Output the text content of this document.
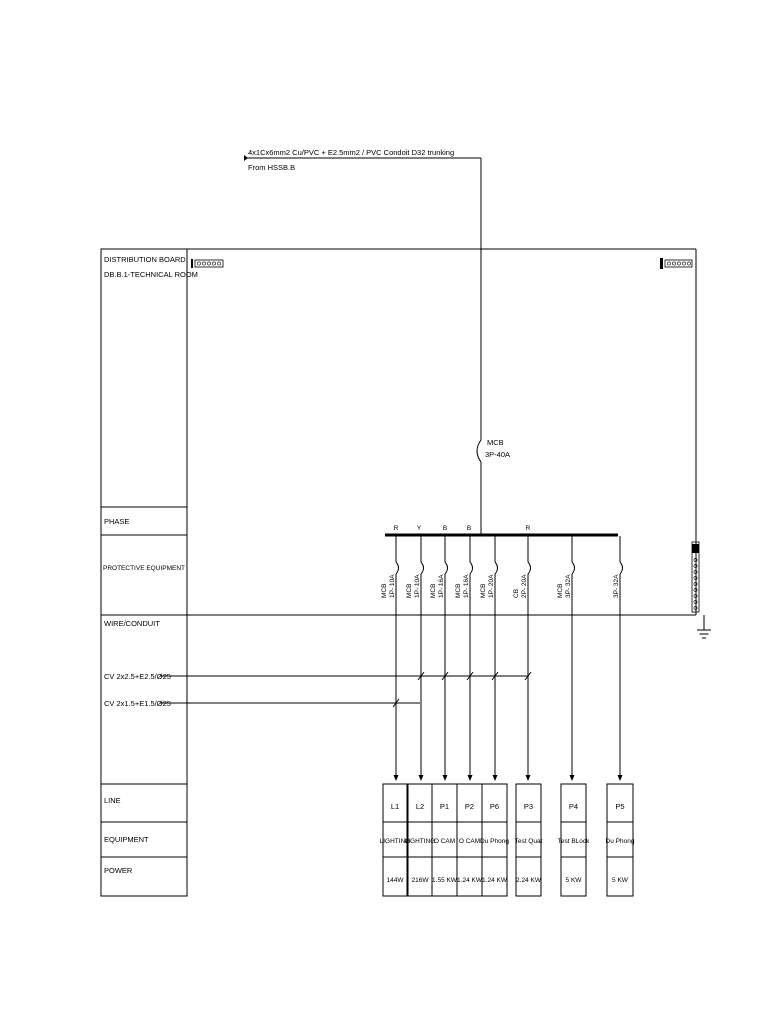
4x1Cx6mm2 Cu/PVC + E2.5mm2 / PVC Condoit D32 trunking
From HSSB.B
DISTRIBUTION BOARD
DB.B.1-TECHNICAL ROOM
PHASE
PROTECTIVE EQUIPMENT
WIRE/CONDUIT
LINE
EQUIPMENT
POWER
MCB
3P-40A
CV 2x2.5+E2.5/Ø25
CV 2x1.5+E1.5/Ø25
R
MCB 1P- 10A
L1
LIGHTING
144W
Y
MCB 1P- 10A
L2
LIGHTING
216W
B
MCB 1P- 16A
P1
O CAM
1.55 KW
B
MCB 1P- 16A
P2
O CAM
1.24 KW
MCB 1P- 20A
P6
Du Phong
1.24 KW
R
CB 2P- 20A
P3
Test Quat
2.24 KW
MCB 3P- 32A
P4
Test BLock
5 KW
3P- 32A
P5
Du Phong
5 KW
